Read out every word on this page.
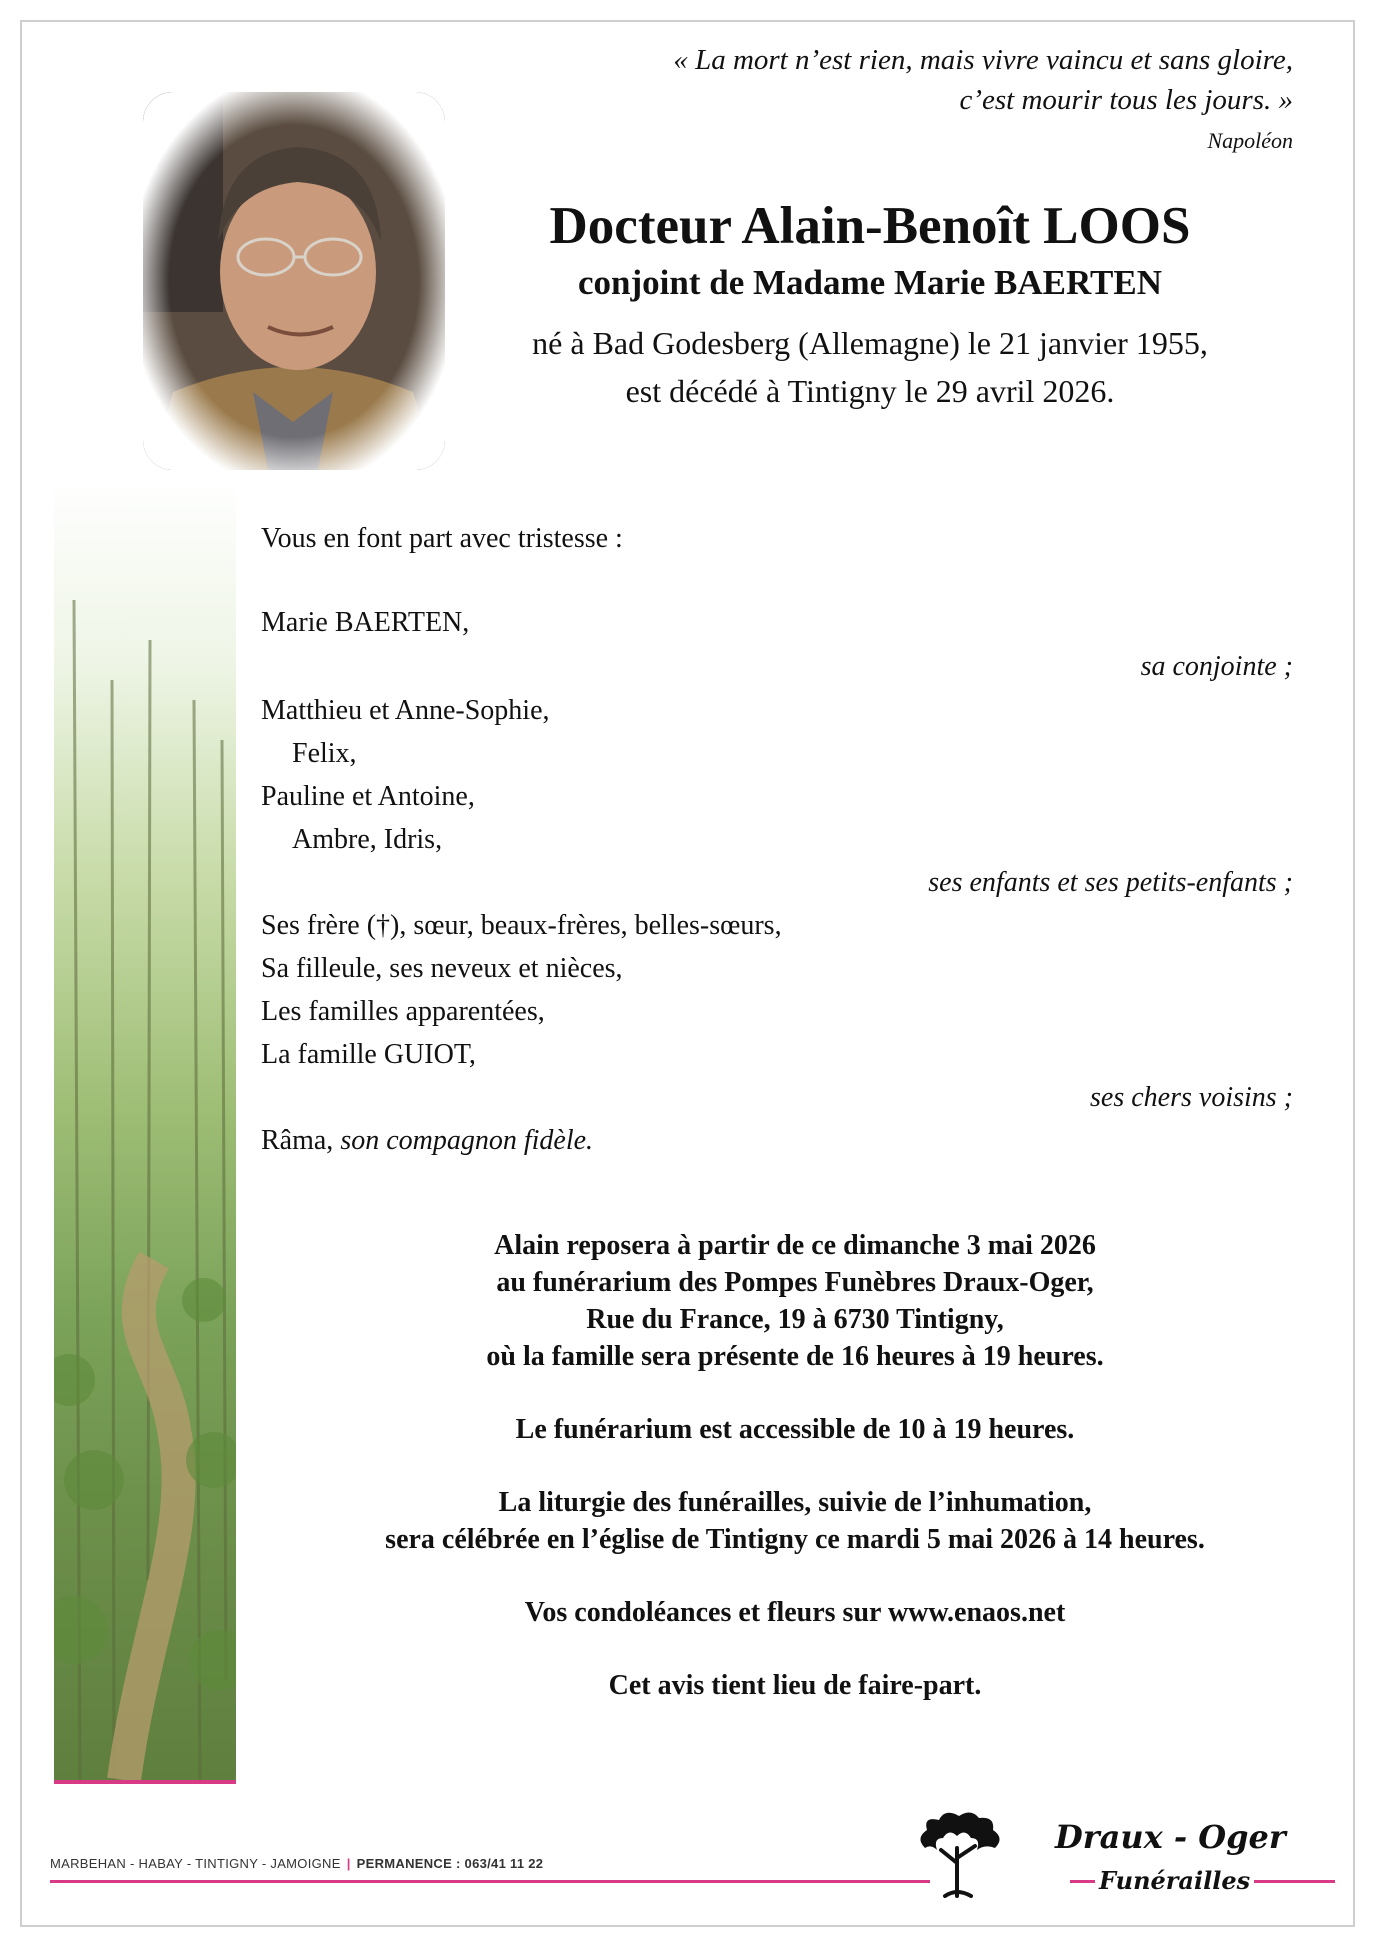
« La mort n’est rien, mais vivre vaincu et sans gloire,
c’est mourir tous les jours. »
Napoléon
Docteur Alain-Benoît LOOS
conjoint de Madame Marie BAERTEN
né à Bad Godesberg (Allemagne) le 21 janvier 1955,
est décédé à Tintigny le 29 avril 2026.
Vous en font part avec tristesse :
Marie BAERTEN,
sa conjointe ;
Matthieu et Anne-Sophie,
Felix,
Pauline et Antoine,
Ambre, Idris,
ses enfants et ses petits-enfants ;
Ses frère (†), sœur, beaux-frères, belles-sœurs,
Sa filleule, ses neveux et nièces,
Les familles apparentées,
La famille GUIOT,
ses chers voisins ;
Râma, son compagnon fidèle.
Alain reposera à partir de ce dimanche 3 mai 2026
au funérarium des Pompes Funèbres Draux-Oger,
Rue du France, 19 à 6730 Tintigny,
où la famille sera présente de 16 heures à 19 heures.
Le funérarium est accessible de 10 à 19 heures.
La liturgie des funérailles, suivie de l’inhumation,
sera célébrée en l’église de Tintigny ce mardi 5 mai 2026 à 14 heures.
Vos condoléances et fleurs sur www.enaos.net
Cet avis tient lieu de faire-part.
MARBEHAN - HABAY - TINTIGNY - JAMOIGNE | PERMANENCE : 063/41 11 22
Draux - Oger
Funérailles
